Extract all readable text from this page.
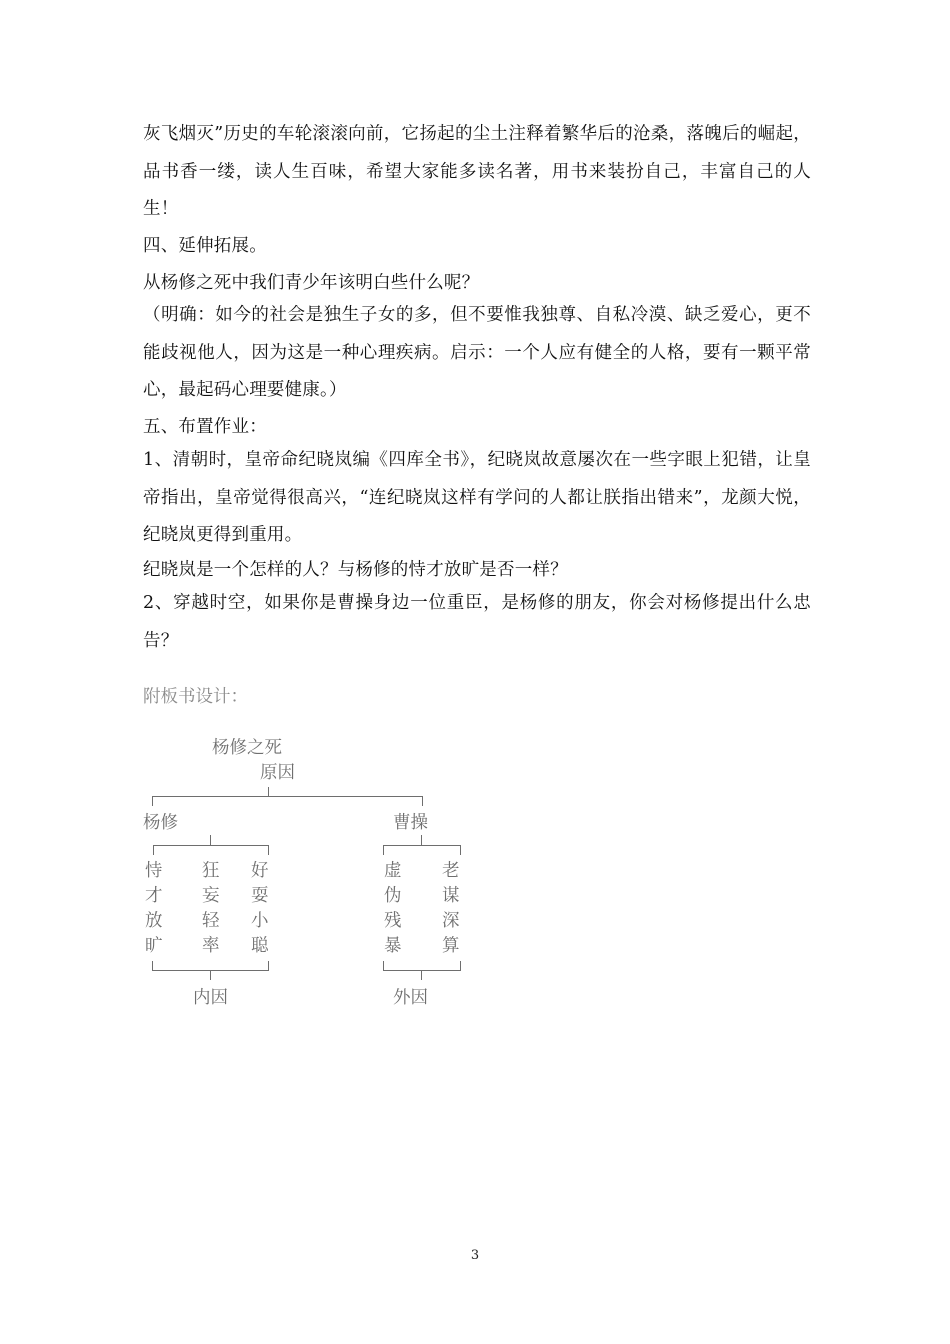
灰飞烟灭”历史的车轮滚滚向前，它扬起的尘土注释着繁华后的沧桑，落魄后的崛起，品书香一缕，读人生百味，希望大家能多读名著，用书来装扮自己，丰富自己的人生！

四、延伸拓展。

从杨修之死中我们青少年该明白些什么呢？

（明确：如今的社会是独生子女的多，但不要惟我独尊、自私冷漠、缺乏爱心，更不能歧视他人，因为这是一种心理疾病。启示：一个人应有健全的人格，要有一颗平常心，最起码心理要健康。）

五、布置作业：

1、清朝时，皇帝命纪晓岚编《四库全书》，纪晓岚故意屡次在一些字眼上犯错，让皇帝指出，皇帝觉得很高兴，“连纪晓岚这样有学问的人都让朕指出错来”，龙颜大悦，纪晓岚更得到重用。

纪晓岚是一个怎样的人？与杨修的恃才放旷是否一样？

2、穿越时空，如果你是曹操身边一位重臣，是杨修的朋友，你会对杨修提出什么忠告？

附板书设计：
杨修之死
原因
杨修	曹操
恃
才
放
旷
狂
妄
轻
率
好
耍
小
聪
虚
伪
残
暴
老
谋
深
算
内因	外因
3
